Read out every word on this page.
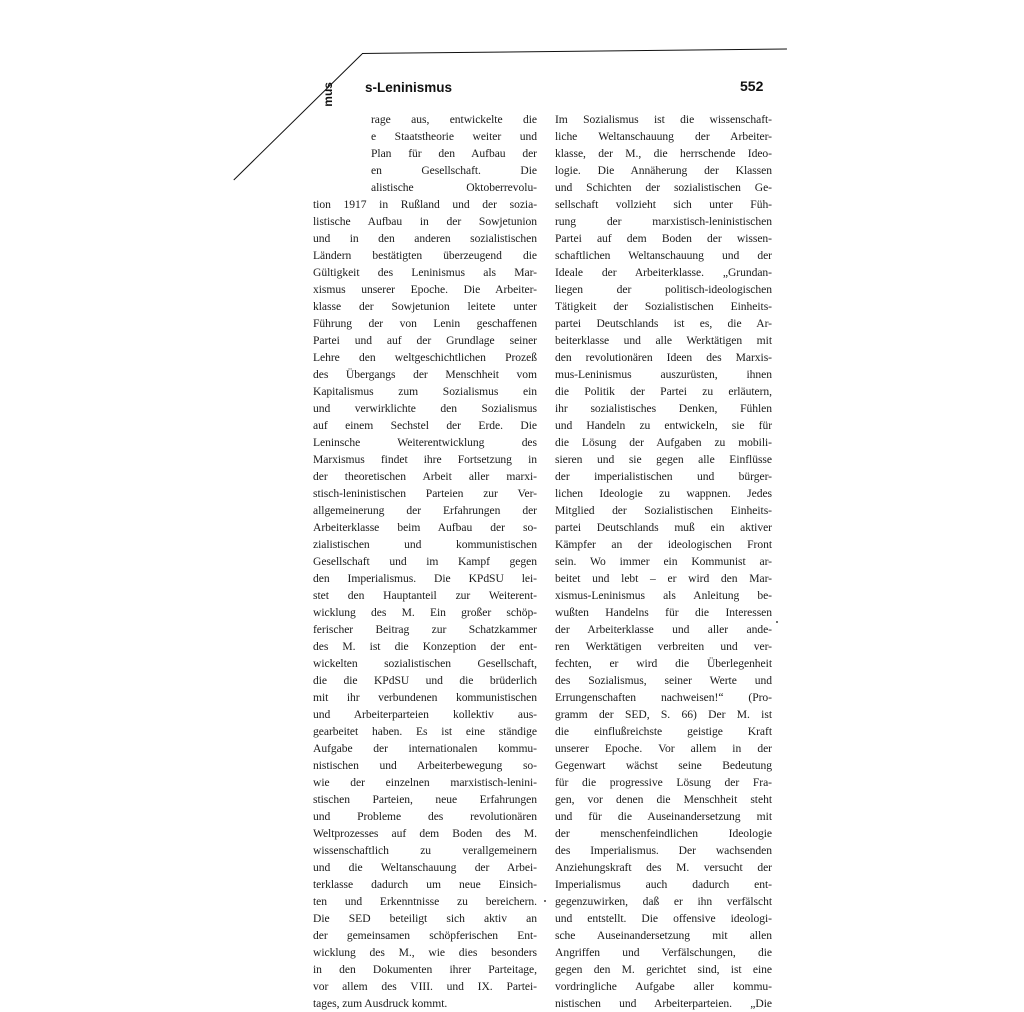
mus s-Leninismus	552
rage aus, entwickelte die
e Staatstheorie weiter und
Plan für den Aufbau der
en Gesellschaft. Die
alistische Oktoberrevolu-
tion 1917 in Rußland und der sozia-
listische Aufbau in der Sowjetunion
und in den anderen sozialistischen
Ländern bestätigten überzeugend die
Gültigkeit des Leninismus als Mar-
xismus unserer Epoche. Die Arbeiter-
klasse der Sowjetunion leitete unter
Führung der von Lenin geschaffenen
Partei und auf der Grundlage seiner
Lehre den weltgeschichtlichen Prozeß
des Übergangs der Menschheit vom
Kapitalismus zum Sozialismus ein
und verwirklichte den Sozialismus
auf einem Sechstel der Erde. Die
Leninsche Weiterentwicklung des
Marxismus findet ihre Fortsetzung in
der theoretischen Arbeit aller marxi-
stisch-leninistischen Parteien zur Ver-
allgemeinerung der Erfahrungen der
Arbeiterklasse beim Aufbau der so-
zialistischen und kommunistischen
Gesellschaft und im Kampf gegen
den Imperialismus. Die KPdSU lei-
stet den Hauptanteil zur Weiterent-
wicklung des M. Ein großer schöp-
ferischer Beitrag zur Schatzkammer
des M. ist die Konzeption der ent-
wickelten sozialistischen Gesellschaft,
die die KPdSU und die brüderlich
mit ihr verbundenen kommunistischen
und Arbeiterparteien kollektiv aus-
gearbeitet haben. Es ist eine ständige
Aufgabe der internationalen kommu-
nistischen und Arbeiterbewegung so-
wie der einzelnen marxistisch-lenini-
stischen Parteien, neue Erfahrungen
und Probleme des revolutionären
Weltprozesses auf dem Boden des M.
wissenschaftlich zu verallgemeinern
und die Weltanschauung der Arbei-
terklasse dadurch um neue Einsich-
ten und Erkenntnisse zu bereichern.
Die SED beteiligt sich aktiv an
der gemeinsamen schöpferischen Ent-
wicklung des M., wie dies besonders
in den Dokumenten ihrer Parteitage,
vor allem des VIII. und IX. Partei-
tages, zum Ausdruck kommt.
Im Sozialismus ist die wissenschaft-
liche Weltanschauung der Arbeiter-
klasse, der M., die herrschende Ideo-
logie. Die Annäherung der Klassen
und Schichten der sozialistischen Ge-
sellschaft vollzieht sich unter Füh-
rung der marxistisch-leninistischen
Partei auf dem Boden der wissen-
schaftlichen Weltanschauung und der
Ideale der Arbeiterklasse. „Grundan-
liegen der politisch-ideologischen
Tätigkeit der Sozialistischen Einheits-
partei Deutschlands ist es, die Ar-
beiterklasse und alle Werktätigen mit
den revolutionären Ideen des Marxis-
mus-Leninismus auszurüsten, ihnen
die Politik der Partei zu erläutern,
ihr sozialistisches Denken, Fühlen
und Handeln zu entwickeln, sie für
die Lösung der Aufgaben zu mobili-
sieren und sie gegen alle Einflüsse
der imperialistischen und bürger-
lichen Ideologie zu wappnen. Jedes
Mitglied der Sozialistischen Einheits-
partei Deutschlands muß ein aktiver
Kämpfer an der ideologischen Front
sein. Wo immer ein Kommunist ar-
beitet und lebt – er wird den Mar-
xismus-Leninismus als Anleitung be-
wußten Handelns für die Interessen
der Arbeiterklasse und aller ande-
ren Werktätigen verbreiten und ver-
fechten, er wird die Überlegenheit
des Sozialismus, seiner Werte und
Errungenschaften nachweisen!“ (Pro-
gramm der SED, S. 66) Der M. ist
die einflußreichste geistige Kraft
unserer Epoche. Vor allem in der
Gegenwart wächst seine Bedeutung
für die progressive Lösung der Fra-
gen, vor denen die Menschheit steht
und für die Auseinandersetzung mit
der menschenfeindlichen Ideologie
des Imperialismus. Der wachsenden
Anziehungskraft des M. versucht der
Imperialismus auch dadurch ent-
gegenzuwirken, daß er ihn verfälscht
und entstellt. Die offensive ideologi-
sche Auseinandersetzung mit allen
Angriffen und Verfälschungen, die
gegen den M. gerichtet sind, ist eine
vordringliche Aufgabe aller kommu-
nistischen und Arbeiterparteien. „Die
